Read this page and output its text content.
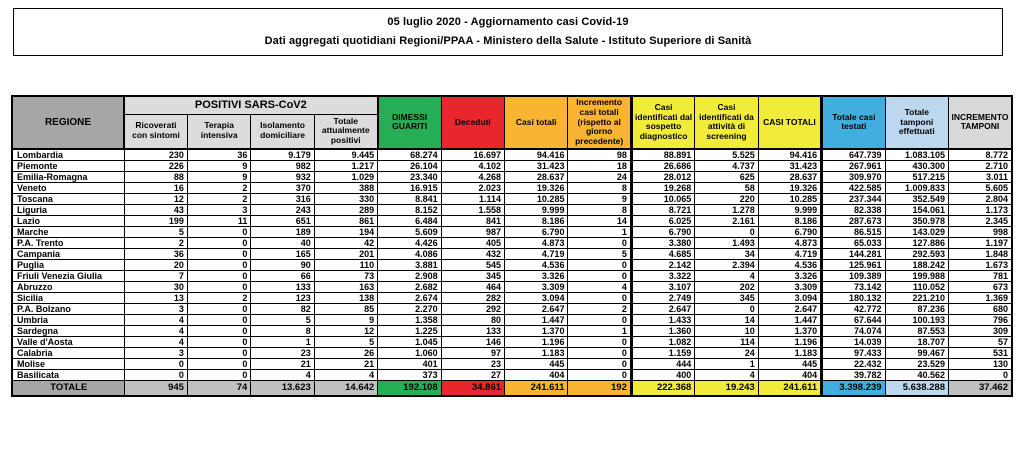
05 luglio 2020 - Aggiornamento casi Covid-19
Dati aggregati quotidiani Regioni/PPAA - Ministero della Salute - Istituto Superiore di Sanità
REGIONE	POSITIVI SARS-CoV2				DIMESSI GUARITI	Deceduti	Casi totali	Incremento casi totali (rispetto al giorno precedente)	Casi identificati dal sospetto diagnostico	Casi identificati da attività di screening	CASI TOTALI	Totale casi testati	Totale tamponi effettuati	INCREMENTO TAMPONI
	Ricoverati con sintomi	Terapia intensiva	Isolamento domiciliare	Totale attualmente positivi										
Lombardia	230	36	9.179	9.445	68.274	16.697	94.416	98	88.891	5.525	94.416	647.739	1.083.105	8.772
Piemonte	226	9	982	1.217	26.104	4.102	31.423	18	26.686	4.737	31.423	267.961	430.300	2.710
Emilia-Romagna	88	9	932	1.029	23.340	4.268	28.637	24	28.012	625	28.637	309.970	517.215	3.011
Veneto	16	2	370	388	16.915	2.023	19.326	8	19.268	58	19.326	422.585	1.009.833	5.605
Toscana	12	2	316	330	8.841	1.114	10.285	9	10.065	220	10.285	237.344	352.549	2.804
Liguria	43	3	243	289	8.152	1.558	9.999	8	8.721	1.278	9.999	82.338	154.061	1.173
Lazio	199	11	651	861	6.484	841	8.186	14	6.025	2.161	8.186	287.673	350.978	2.345
Marche	5	0	189	194	5.609	987	6.790	1	6.790	0	6.790	86.515	143.029	998
P.A. Trento	2	0	40	42	4.426	405	4.873	0	3.380	1.493	4.873	65.033	127.886	1.197
Campania	36	0	165	201	4.086	432	4.719	5	4.685	34	4.719	144.281	292.593	1.848
Puglia	20	0	90	110	3.881	545	4.536	0	2.142	2.394	4.536	125.961	188.242	1.673
Friuli Venezia Giulia	7	0	66	73	2.908	345	3.326	0	3.322	4	3.326	109.389	199.988	781
Abruzzo	30	0	133	163	2.682	464	3.309	4	3.107	202	3.309	73.142	110.052	673
Sicilia	13	2	123	138	2.674	282	3.094	0	2.749	345	3.094	180.132	221.210	1.369
P.A. Bolzano	3	0	82	85	2.270	292	2.647	2	2.647	0	2.647	42.772	87.236	680
Umbria	4	0	5	9	1.358	80	1.447	0	1.433	14	1.447	67.644	100.193	796
Sardegna	4	0	8	12	1.225	133	1.370	1	1.360	10	1.370	74.074	87.553	309
Valle d'Aosta	4	0	1	5	1.045	146	1.196	0	1.082	114	1.196	14.039	18.707	57
Calabria	3	0	23	26	1.060	97	1.183	0	1.159	24	1.183	97.433	99.467	531
Molise	0	0	21	21	401	23	445	0	444	1	445	22.432	23.529	130
Basilicata	0	0	4	4	373	27	404	0	400	4	404	39.782	40.562	0
TOTALE	945	74	13.623	14.642	192.108	34.861	241.611	192	222.368	19.243	241.611	3.398.239	5.638.288	37.462
